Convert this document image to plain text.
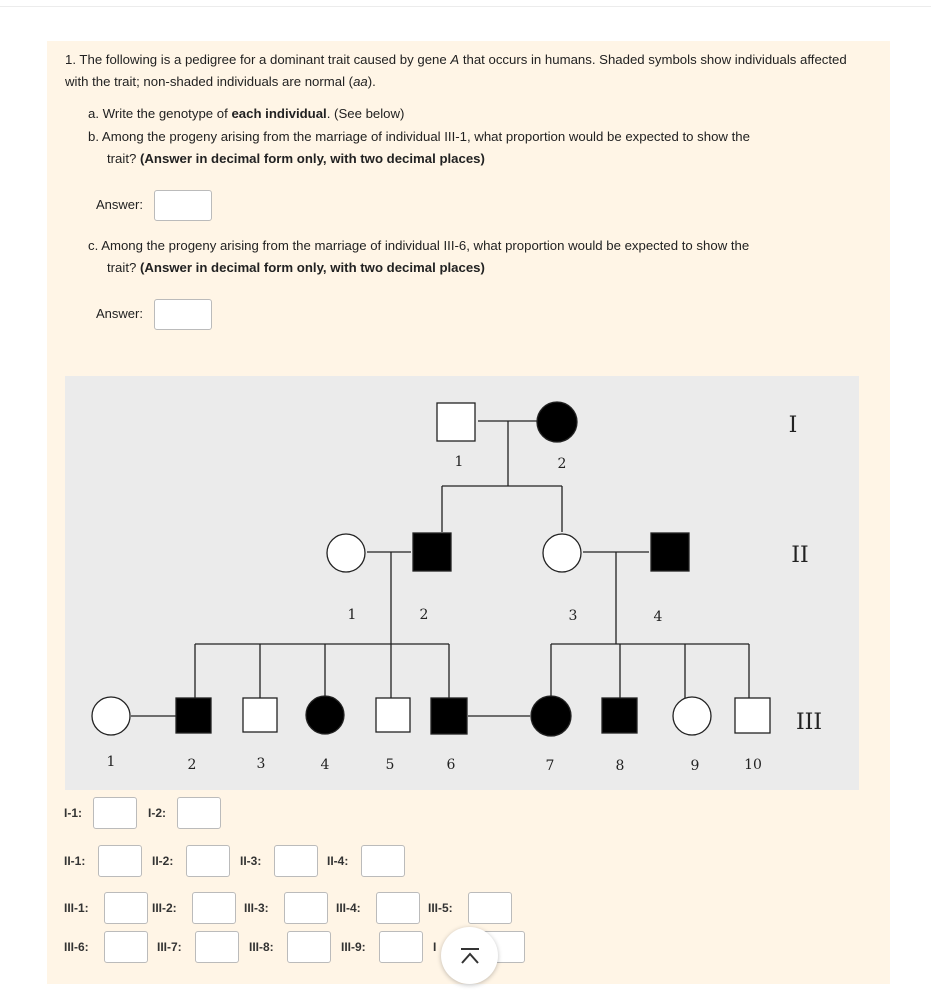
1. The following is a pedigree for a dominant trait caused by gene A that occurs in humans. Shaded symbols show individuals affected with the trait; non-shaded individuals are normal (aa).
a. Write the genotype of each individual. (See below)
b. Among the progeny arising from the marriage of individual III-1, what proportion would be expected to show the
trait? (Answer in decimal form only, with two decimal places)
Answer:
c. Among the progeny arising from the marriage of individual III-6, what proportion would be expected to show the
trait? (Answer in decimal form only, with two decimal places)
Answer:
I
II
III
1	2
1	2	3	4
1	2	3	4	5	6	7	8	9	10
I-1:	I-2:
II-1:	II-2:	II-3:	II-4:
III-1:	III-2:	III-3:	III-4:	III-5:
III-6:	III-7:	III-8:	III-9:	I
